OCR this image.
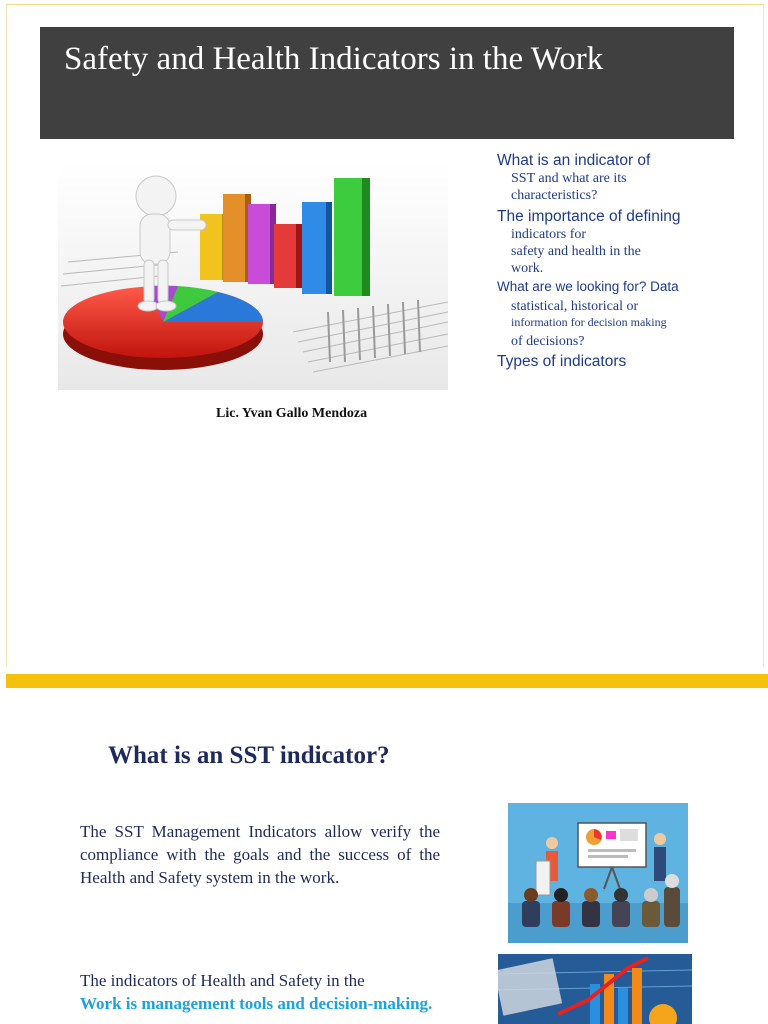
Safety and Health Indicators in the Work
Lic. Yvan Gallo Mendoza
What is an indicator of
SST and what are its
characteristics?
The importance of defining
indicators for
safety and health in the
work.
What are we looking for? Data
statistical, historical or
information for decision making
of decisions?
Types of indicators
What is an SST indicator?
The SST Management Indicators allow verify the compliance with the goals and the success of the Health and Safety system in the work.
The indicators of Health and Safety in the
Work is management tools and decision-making.
